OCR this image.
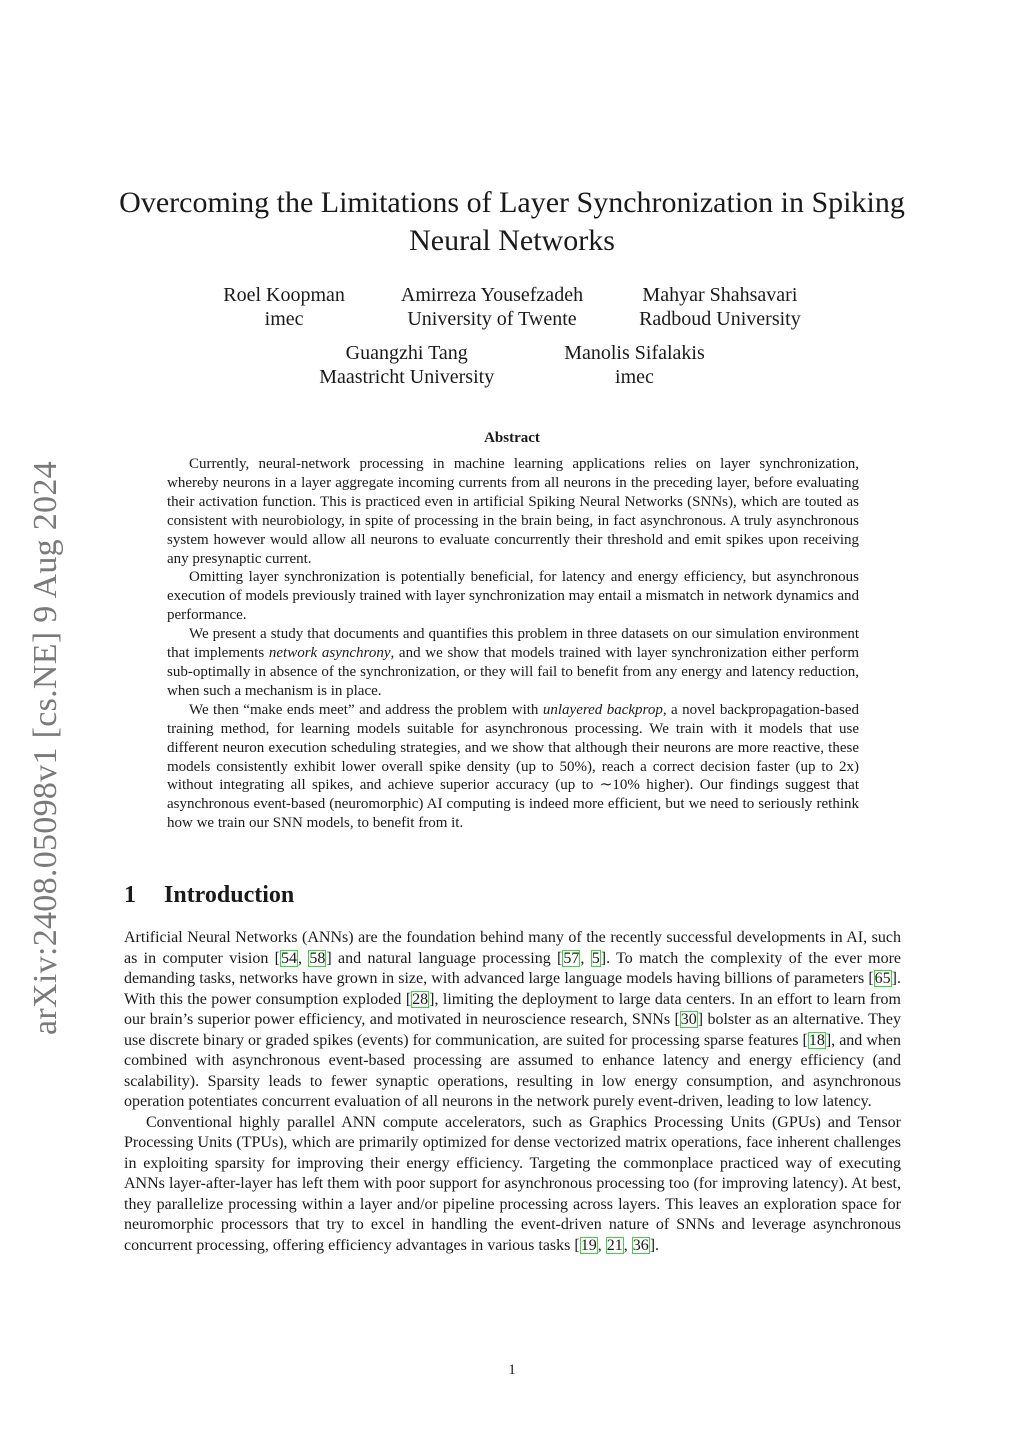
arXiv:2408.05098v1 [cs.NE] 9 Aug 2024
Overcoming the Limitations of Layer Synchronization in Spiking Neural Networks
Roel Koopman
imec
Amirreza Yousefzadeh
University of Twente
Mahyar Shahsavari
Radboud University
Guangzhi Tang
Maastricht University
Manolis Sifalakis
imec
Abstract

Currently, neural-network processing in machine learning applications relies on layer synchronization, whereby neurons in a layer aggregate incoming currents from all neurons in the preceding layer, before evaluating their activation function. This is practiced even in artificial Spiking Neural Networks (SNNs), which are touted as consistent with neurobiology, in spite of processing in the brain being, in fact asynchronous. A truly asynchronous system however would allow all neurons to evaluate concurrently their threshold and emit spikes upon receiving any presynaptic current.

Omitting layer synchronization is potentially beneficial, for latency and energy efficiency, but asynchronous execution of models previously trained with layer synchronization may entail a mismatch in network dynamics and performance.

We present a study that documents and quantifies this problem in three datasets on our simulation environment that implements network asynchrony, and we show that models trained with layer synchronization either perform sub-optimally in absence of the synchronization, or they will fail to benefit from any energy and latency reduction, when such a mechanism is in place.

We then “make ends meet” and address the problem with unlayered backprop, a novel backpropagation-based training method, for learning models suitable for asynchronous processing. We train with it models that use different neuron execution scheduling strategies, and we show that although their neurons are more reactive, these models consistently exhibit lower overall spike density (up to 50%), reach a correct decision faster (up to 2x) without integrating all spikes, and achieve superior accuracy (up to ∼10% higher). Our findings suggest that asynchronous event-based (neuromorphic) AI computing is indeed more efficient, but we need to seriously rethink how we train our SNN models, to benefit from it.

1 Introduction

Artificial Neural Networks (ANNs) are the foundation behind many of the recently successful developments in AI, such as in computer vision [54, 58] and natural language processing [57, 5]. To match the complexity of the ever more demanding tasks, networks have grown in size, with advanced large language models having billions of parameters [65]. With this the power consumption exploded [28], limiting the deployment to large data centers. In an effort to learn from our brain’s superior power efficiency, and motivated in neuroscience research, SNNs [30] bolster as an alternative. They use discrete binary or graded spikes (events) for communication, are suited for processing sparse features [18], and when combined with asynchronous event-based processing are assumed to enhance latency and energy efficiency (and scalability). Sparsity leads to fewer synaptic operations, resulting in low energy consumption, and asynchronous operation potentiates concurrent evaluation of all neurons in the network purely event-driven, leading to low latency.

Conventional highly parallel ANN compute accelerators, such as Graphics Processing Units (GPUs) and Tensor Processing Units (TPUs), which are primarily optimized for dense vectorized matrix operations, face inherent challenges in exploiting sparsity for improving their energy efficiency. Targeting the commonplace practiced way of executing ANNs layer-after-layer has left them with poor support for asynchronous processing too (for improving latency). At best, they parallelize processing within a layer and/or pipeline processing across layers. This leaves an exploration space for neuromorphic processors that try to excel in handling the event-driven nature of SNNs and leverage asynchronous concurrent processing, offering efficiency advantages in various tasks [19, 21, 36].

1
